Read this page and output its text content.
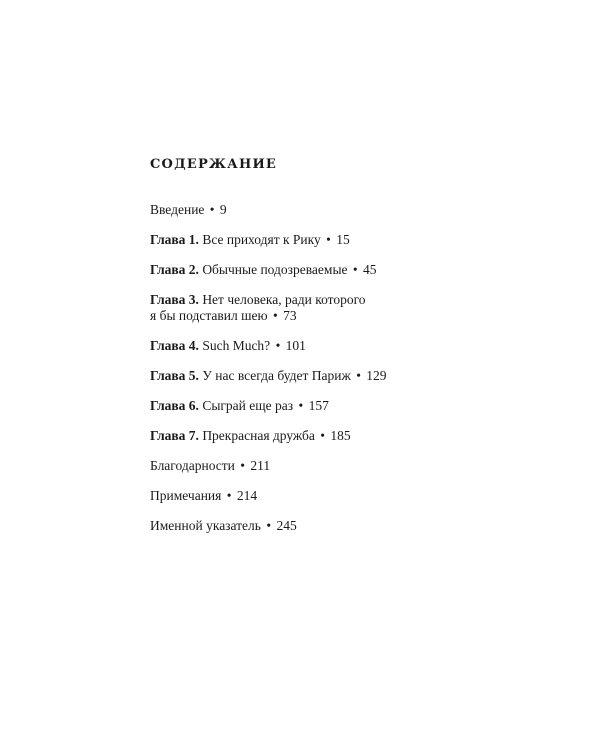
СОДЕРЖАНИЕ
Введение • 9
Глава 1. Все приходят к Рику • 15
Глава 2. Обычные подозреваемые • 45
Глава 3. Нет человека, ради которого
я бы подставил шею • 73
Глава 4. Such Much? • 101
Глава 5. У нас всегда будет Париж • 129
Глава 6. Сыграй еще раз • 157
Глава 7. Прекрасная дружба • 185
Благодарности • 211
Примечания • 214
Именной указатель • 245
